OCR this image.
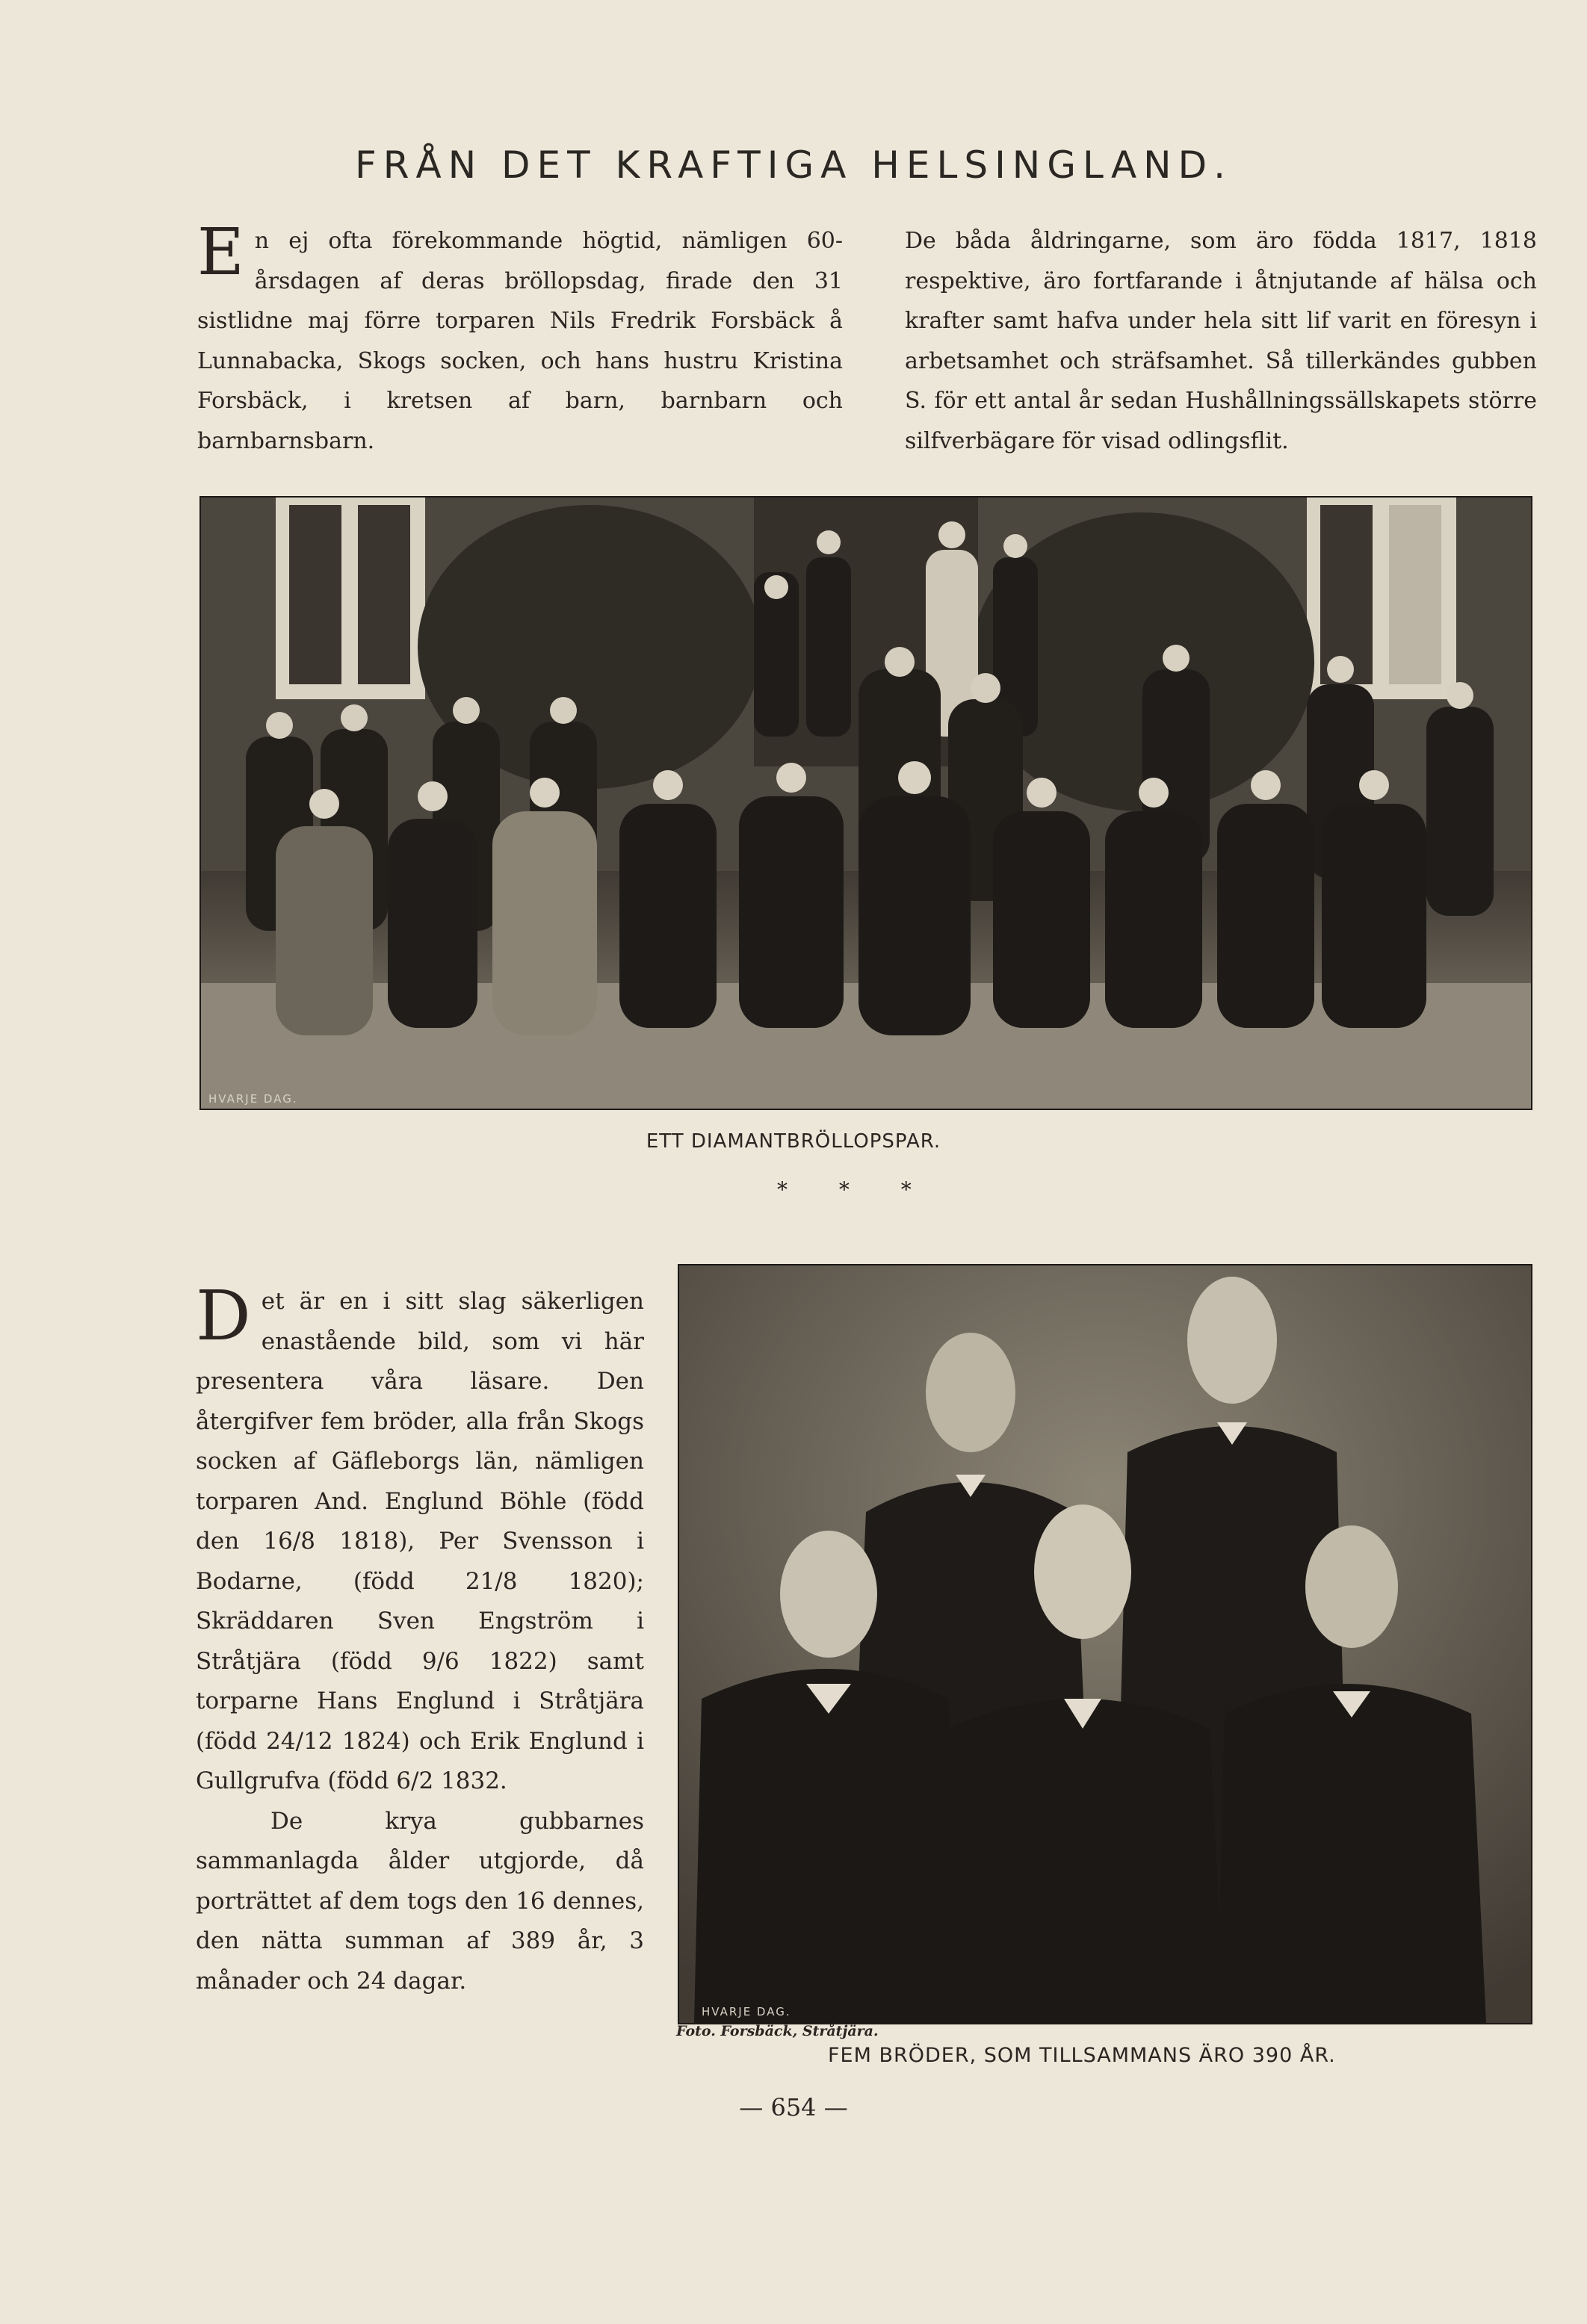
FRÅN DET KRAFTIGA HELSINGLAND.

En ej ofta förekommande högtid, nämligen 60-årsdagen af deras bröllopsdag, firade den 31 sistlidne maj förre torparen Nils Fredrik Forsbäck å Lunnabacka, Skogs socken, och hans hustru Kristina Forsbäck, i kretsen af barn, barnbarn och barnbarnsbarn.

De båda åldringarne, som äro födda 1817, 1818 respektive, äro fortfarande i åtnjutande af hälsa och krafter samt hafva under hela sitt lif varit en föresyn i arbetsamhet och sträfsamhet. Så tillerkändes gubben S. för ett antal år sedan Hushållningssällskapets större silfverbägare för visad odlingsflit.

HVARJE DAG.
ETT DIAMANTBRÖLLOPSPAR.
* * *

Det är en i sitt slag säkerligen enastående bild, som vi här presentera våra läsare. Den återgifver fem bröder, alla från Skogs socken af Gäfleborgs län, nämligen torparen And. Englund Böhle (född den 16/8 1818), Per Svensson i Bodarne, (född 21/8 1820); Skräddaren Sven Engström i Stråtjära (född 9/6 1822) samt torparne Hans Englund i Stråtjära (född 24/12 1824) och Erik Englund i Gullgrufva (född 6/2 1832.

De krya gubbarnes sammanlagda ålder utgjorde, då porträttet af dem togs den 16 dennes, den nätta summan af 389 år, 3 månader och 24 dagar.

HVARJE DAG.
Foto. Forsbäck, Stråtjära.
FEM BRÖDER, SOM TILLSAMMANS ÄRO 390 ÅR.
— 654 —
